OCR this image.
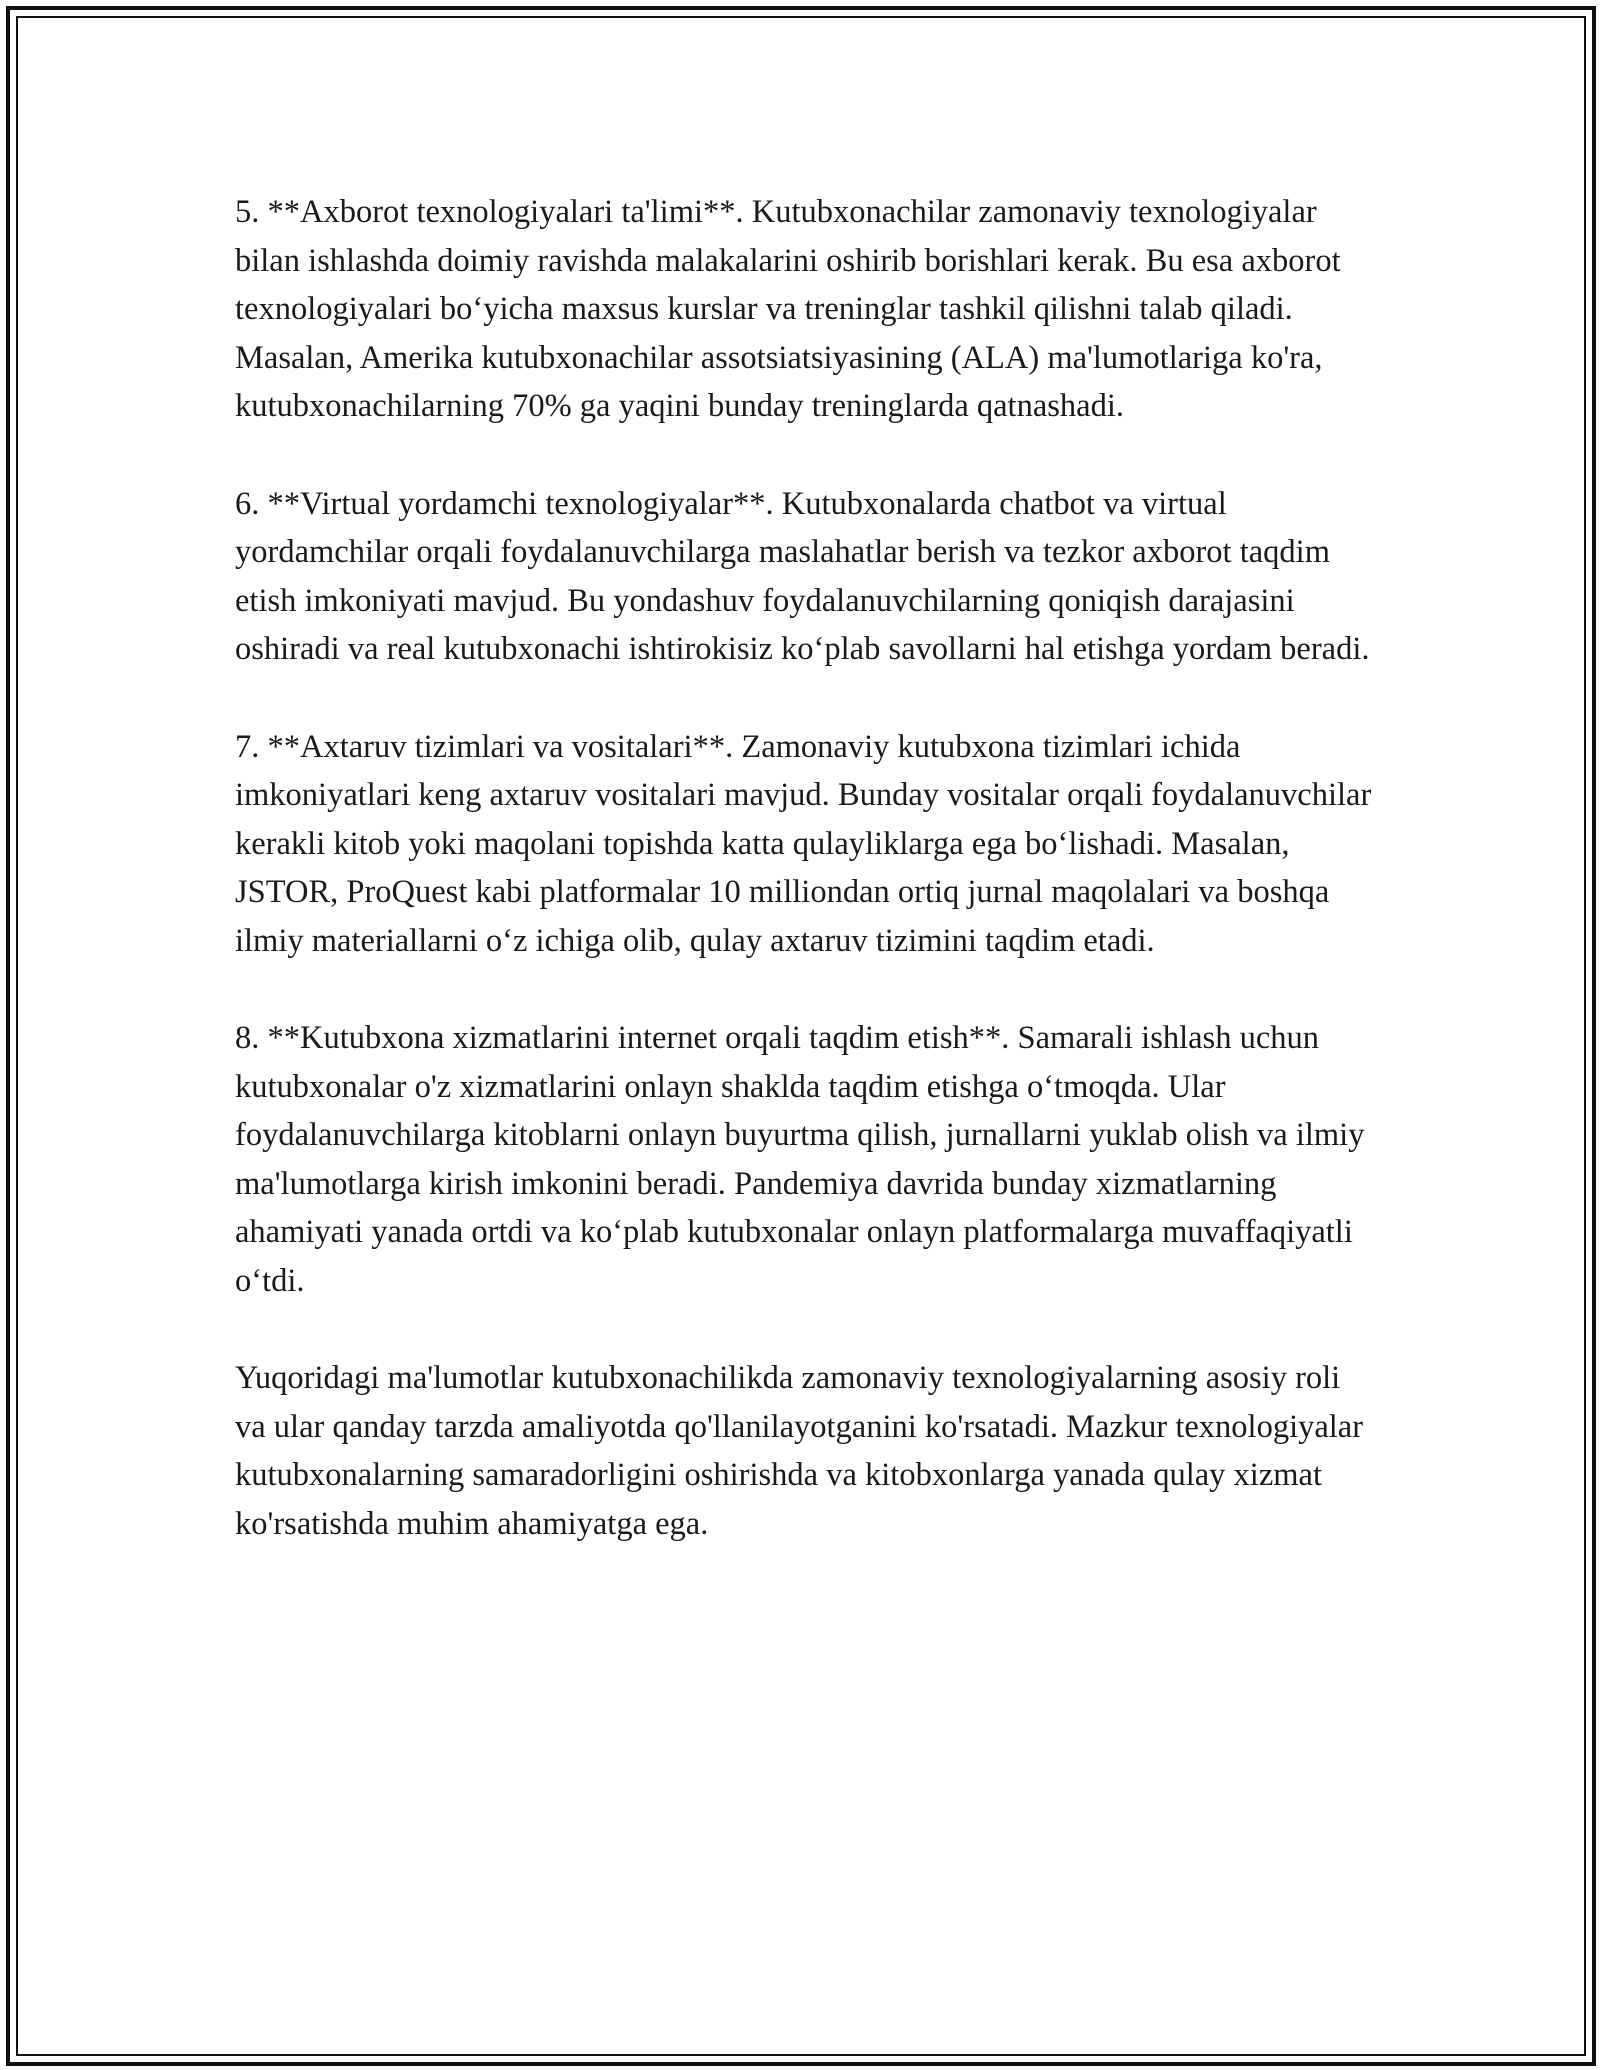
5. **Axborot texnologiyalari ta'limi**. Kutubxonachilar zamonaviy texnologiyalar bilan ishlashda doimiy ravishda malakalarini oshirib borishlari kerak. Bu esa axborot texnologiyalari bo‘yicha maxsus kurslar va treninglar tashkil qilishni talab qiladi. Masalan, Amerika kutubxonachilar assotsiatsiyasining (ALA) ma'lumotlariga ko'ra, kutubxonachilarning 70% ga yaqini bunday treninglarda qatnashadi.

6. **Virtual yordamchi texnologiyalar**. Kutubxonalarda chatbot va virtual yordamchilar orqali foydalanuvchilarga maslahatlar berish va tezkor axborot taqdim etish imkoniyati mavjud. Bu yondashuv foydalanuvchilarning qoniqish darajasini oshiradi va real kutubxonachi ishtirokisiz ko‘plab savollarni hal etishga yordam beradi.

7. **Axtaruv tizimlari va vositalari**. Zamonaviy kutubxona tizimlari ichida imkoniyatlari keng axtaruv vositalari mavjud. Bunday vositalar orqali foydalanuvchilar kerakli kitob yoki maqolani topishda katta qulayliklarga ega bo‘lishadi. Masalan, JSTOR, ProQuest kabi platformalar 10 milliondan ortiq jurnal maqolalari va boshqa ilmiy materiallarni o‘z ichiga olib, qulay axtaruv tizimini taqdim etadi.

8. **Kutubxona xizmatlarini internet orqali taqdim etish**. Samarali ishlash uchun kutubxonalar o'z xizmatlarini onlayn shaklda taqdim etishga o‘tmoqda. Ular foydalanuvchilarga kitoblarni onlayn buyurtma qilish, jurnallarni yuklab olish va ilmiy ma'lumotlarga kirish imkonini beradi. Pandemiya davrida bunday xizmatlarning ahamiyati yanada ortdi va ko‘plab kutubxonalar onlayn platformalarga muvaffaqiyatli o‘tdi.

Yuqoridagi ma'lumotlar kutubxonachilikda zamonaviy texnologiyalarning asosiy roli va ular qanday tarzda amaliyotda qo'llanilayotganini ko'rsatadi. Mazkur texnologiyalar kutubxonalarning samaradorligini oshirishda va kitobxonlarga yanada qulay xizmat ko'rsatishda muhim ahamiyatga ega.
